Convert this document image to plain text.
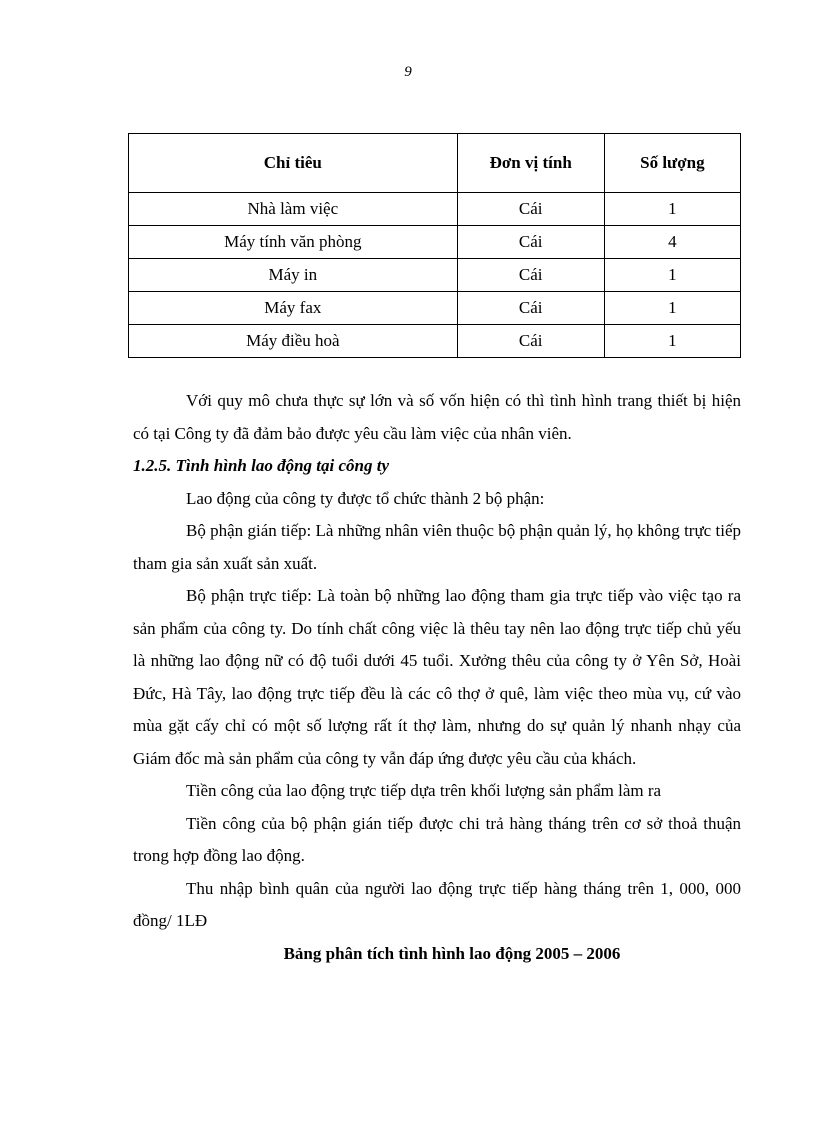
9
Chỉ tiêu	Đơn vị tính	Số lượng
Nhà làm việc	Cái	1
Máy tính văn phòng	Cái	4
Máy in	Cái	1
Máy fax	Cái	1
Máy điều hoà	Cái	1

Với quy mô chưa thực sự lớn và số vốn hiện có thì tình hình trang thiết bị hiện có tại Công ty đã đảm bảo được yêu cầu làm việc của nhân viên.

1.2.5. Tình hình lao động tại công ty

Lao động của công ty được tổ chức thành 2 bộ phận:

Bộ phận gián tiếp: Là những nhân viên thuộc bộ phận quản lý, họ không trực tiếp tham gia sản xuất sản xuất.

Bộ phận trực tiếp: Là toàn bộ những lao động tham gia trực tiếp vào việc tạo ra sản phẩm của công ty. Do tính chất công việc là thêu tay nên lao động trực tiếp chủ yếu là những lao động nữ có độ tuổi dưới 45 tuổi. Xưởng thêu của công ty ở Yên Sở, Hoài Đức, Hà Tây, lao động trực tiếp đều là các cô thợ ở quê, làm việc theo mùa vụ, cứ vào mùa gặt cấy chỉ có một số lượng rất ít thợ làm, nhưng do sự quản lý nhanh nhạy của Giám đốc mà sản phẩm của công ty vẫn đáp ứng được yêu cầu của khách.

Tiền công của lao động trực tiếp dựa trên khối lượng sản phẩm làm ra

Tiền công của bộ phận gián tiếp được chi trả hàng tháng trên cơ sở thoả thuận trong hợp đồng lao động.

Thu nhập bình quân của người lao động trực tiếp hàng tháng trên 1, 000, 000 đồng/ 1LĐ

Bảng phân tích tình hình lao động 2005 – 2006
